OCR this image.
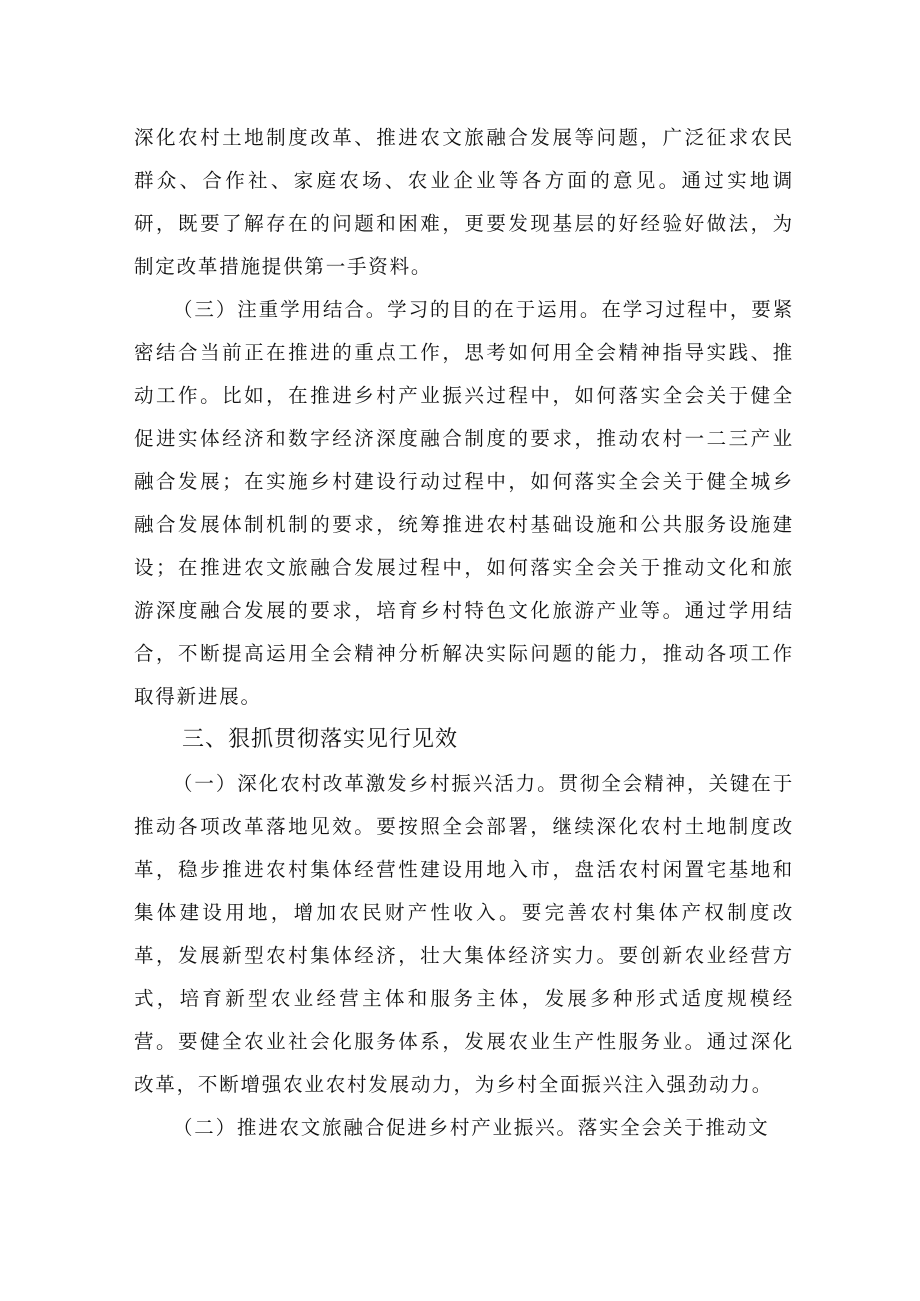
深化农村土地制度改革、推进农文旅融合发展等问题，广泛征求农民群众、合作社、家庭农场、农业企业等各方面的意见。通过实地调研，既要了解存在的问题和困难，更要发现基层的好经验好做法，为制定改革措施提供第一手资料。

（三）注重学用结合。学习的目的在于运用。在学习过程中，要紧密结合当前正在推进的重点工作，思考如何用全会精神指导实践、推动工作。比如，在推进乡村产业振兴过程中，如何落实全会关于健全促进实体经济和数字经济深度融合制度的要求，推动农村一二三产业融合发展；在实施乡村建设行动过程中，如何落实全会关于健全城乡融合发展体制机制的要求，统筹推进农村基础设施和公共服务设施建设；在推进农文旅融合发展过程中，如何落实全会关于推动文化和旅游深度融合发展的要求，培育乡村特色文化旅游产业等。通过学用结合，不断提高运用全会精神分析解决实际问题的能力，推动各项工作取得新进展。

三、狠抓贯彻落实见行见效

（一）深化农村改革激发乡村振兴活力。贯彻全会精神，关键在于推动各项改革落地见效。要按照全会部署，继续深化农村土地制度改革，稳步推进农村集体经营性建设用地入市，盘活农村闲置宅基地和集体建设用地，增加农民财产性收入。要完善农村集体产权制度改革，发展新型农村集体经济，壮大集体经济实力。要创新农业经营方式，培育新型农业经营主体和服务主体，发展多种形式适度规模经营。要健全农业社会化服务体系，发展农业生产性服务业。通过深化改革，不断增强农业农村发展动力，为乡村全面振兴注入强劲动力。

（二）推进农文旅融合促进乡村产业振兴。落实全会关于推动文
